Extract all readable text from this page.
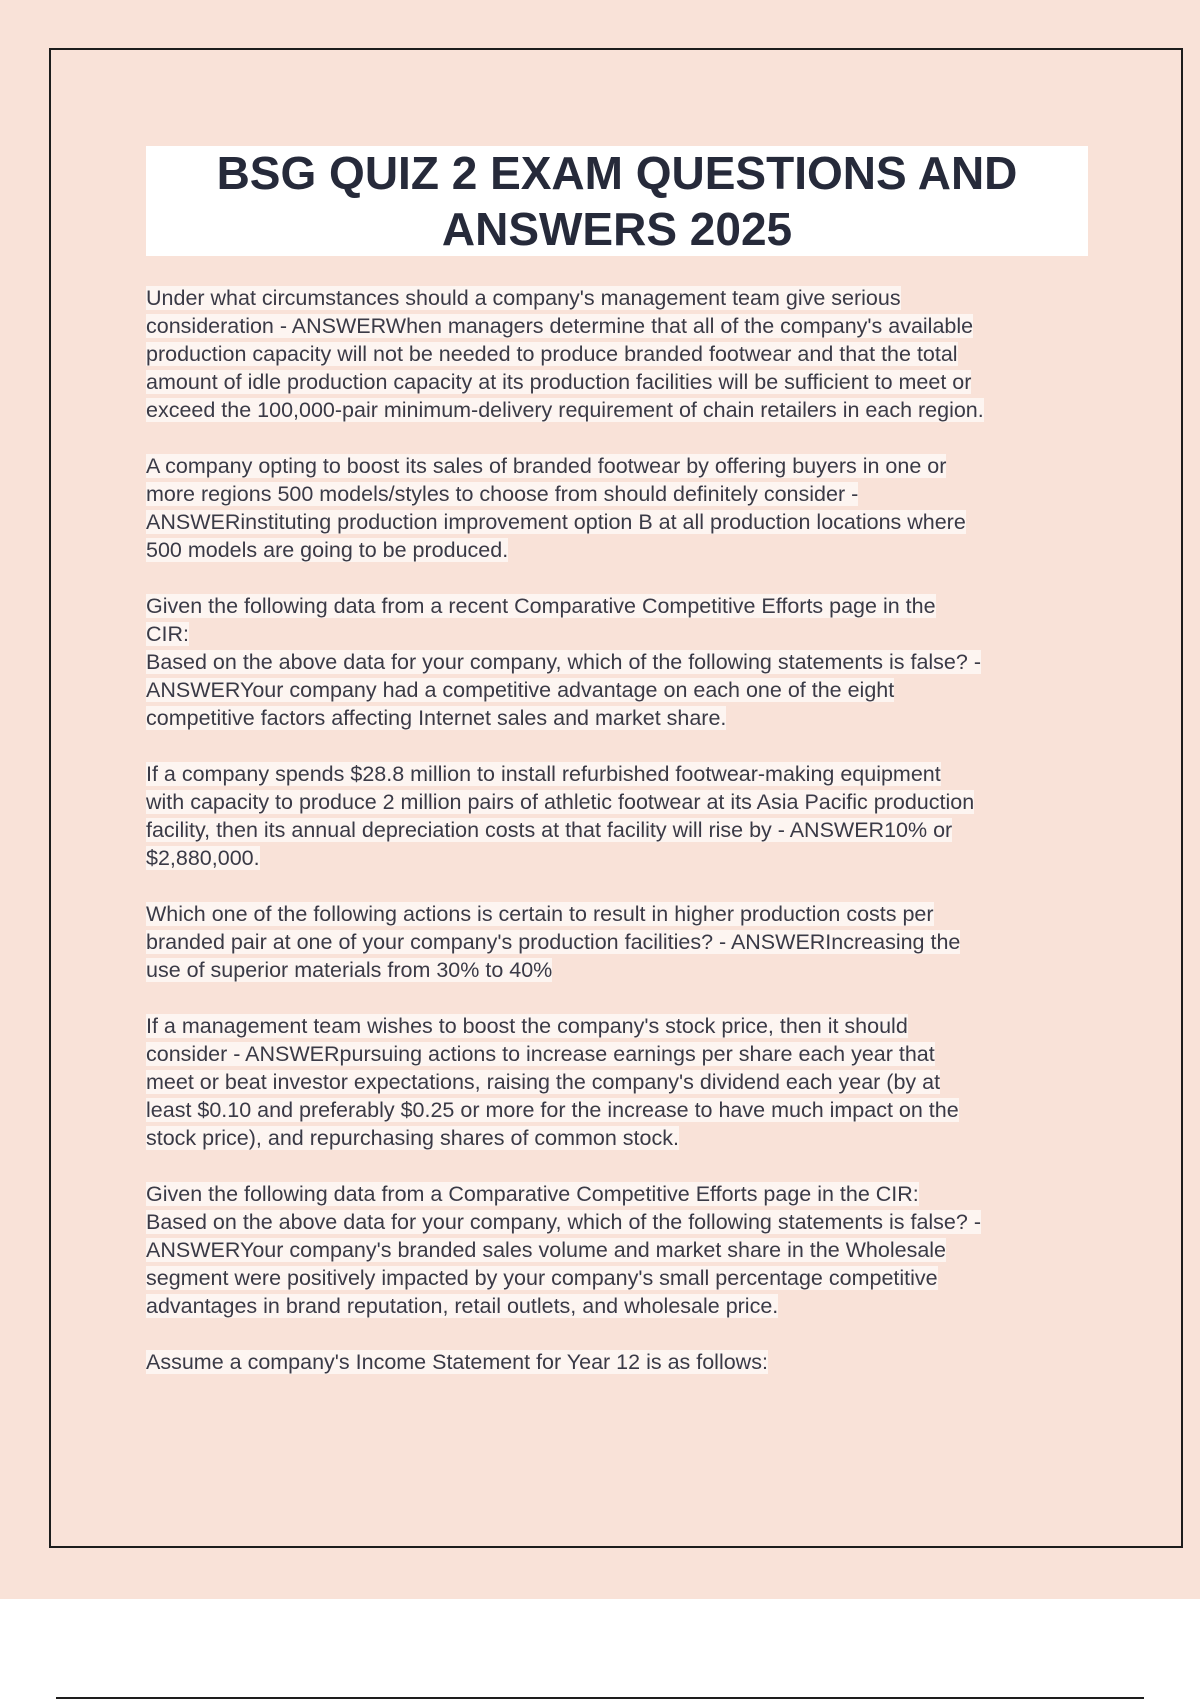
BSG QUIZ 2 EXAM QUESTIONS AND
ANSWERS 2025
Under what circumstances should a company's management team give serious
consideration - ANSWERWhen managers determine that all of the company's available
production capacity will not be needed to produce branded footwear and that the total
amount of idle production capacity at its production facilities will be sufficient to meet or
exceed the 100,000-pair minimum-delivery requirement of chain retailers in each region.
A company opting to boost its sales of branded footwear by offering buyers in one or
more regions 500 models/styles to choose from should definitely consider -
ANSWERinstituting production improvement option B at all production locations where
500 models are going to be produced.
Given the following data from a recent Comparative Competitive Efforts page in the
CIR:
Based on the above data for your company, which of the following statements is false? -
ANSWERYour company had a competitive advantage on each one of the eight
competitive factors affecting Internet sales and market share.
If a company spends $28.8 million to install refurbished footwear-making equipment
with capacity to produce 2 million pairs of athletic footwear at its Asia Pacific production
facility, then its annual depreciation costs at that facility will rise by - ANSWER10% or
$2,880,000.
Which one of the following actions is certain to result in higher production costs per
branded pair at one of your company's production facilities? - ANSWERIncreasing the
use of superior materials from 30% to 40%
If a management team wishes to boost the company's stock price, then it should
consider - ANSWERpursuing actions to increase earnings per share each year that
meet or beat investor expectations, raising the company's dividend each year (by at
least $0.10 and preferably $0.25 or more for the increase to have much impact on the
stock price), and repurchasing shares of common stock.
Given the following data from a Comparative Competitive Efforts page in the CIR:
Based on the above data for your company, which of the following statements is false? -
ANSWERYour company's branded sales volume and market share in the Wholesale
segment were positively impacted by your company's small percentage competitive
advantages in brand reputation, retail outlets, and wholesale price.
Assume a company's Income Statement for Year 12 is as follows:
